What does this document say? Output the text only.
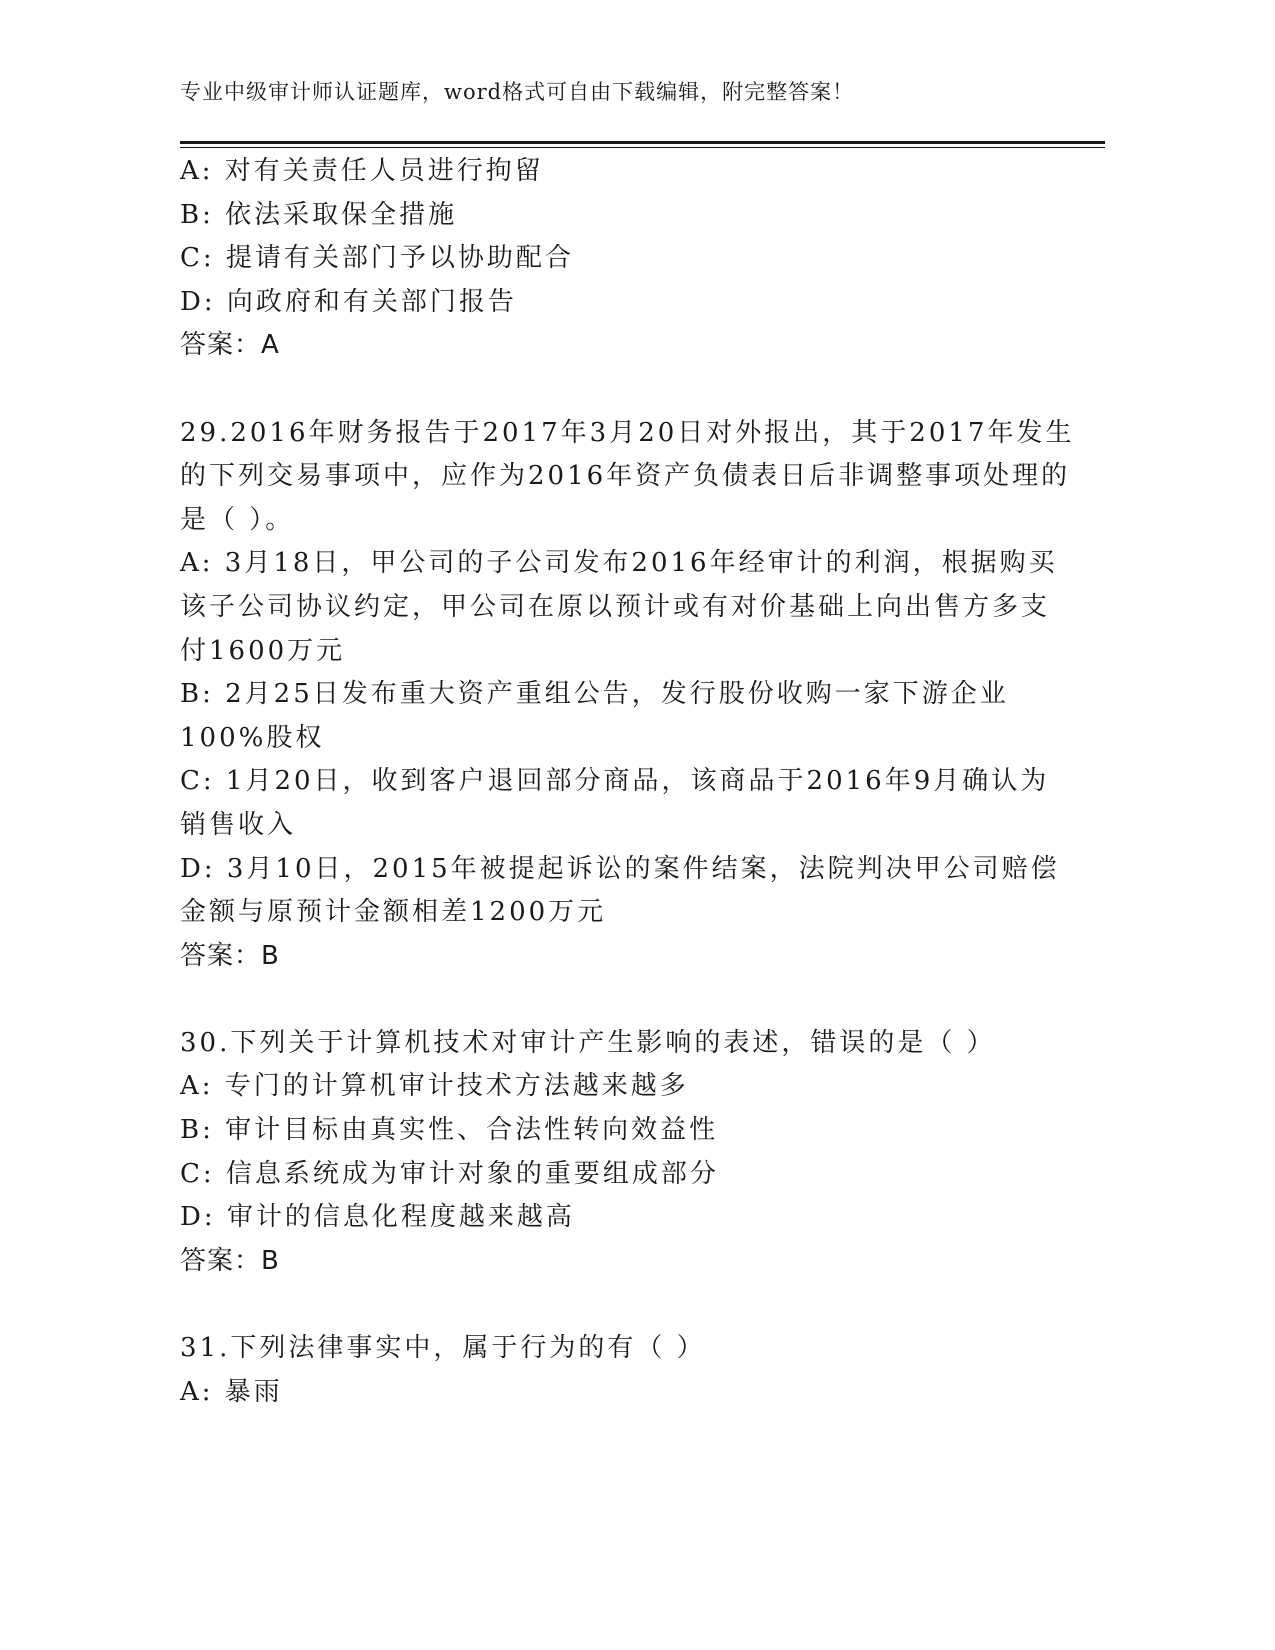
专业中级审计师认证题库，word格式可自由下载编辑，附完整答案！
A: 对有关责任人员进行拘留
B: 依法采取保全措施
C: 提请有关部门予以协助配合
D: 向政府和有关部门报告
答案：A
29.2016年财务报告于2017年3月20日对外报出，其于2017年发生
的下列交易事项中，应作为2016年资产负债表日后非调整事项处理的
是（ ）。
A: 3月18日，甲公司的子公司发布2016年经审计的利润，根据购买
该子公司协议约定，甲公司在原以预计或有对价基础上向出售方多支
付1600万元
B: 2月25日发布重大资产重组公告，发行股份收购一家下游企业
100%股权
C: 1月20日，收到客户退回部分商品，该商品于2016年9月确认为
销售收入
D: 3月10日，2015年被提起诉讼的案件结案，法院判决甲公司赔偿
金额与原预计金额相差1200万元
答案：B
30.下列关于计算机技术对审计产生影响的表述，错误的是（ ）
A: 专门的计算机审计技术方法越来越多
B: 审计目标由真实性、合法性转向效益性
C: 信息系统成为审计对象的重要组成部分
D: 审计的信息化程度越来越高
答案：B
31.下列法律事实中，属于行为的有（ ）
A: 暴雨
